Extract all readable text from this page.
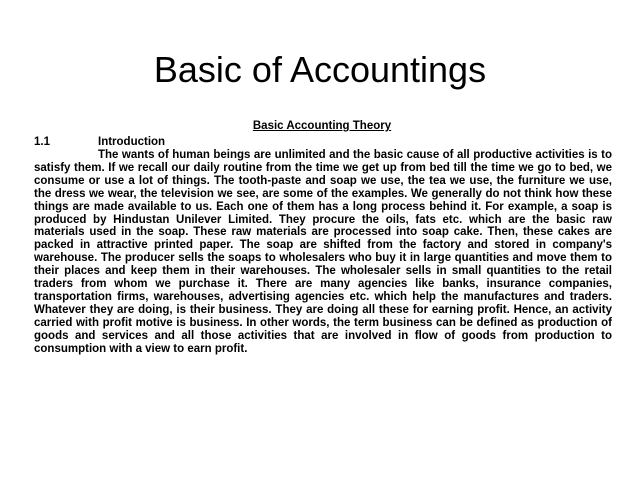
Basic of Accountings
Basic Accounting Theory
1.1	Introduction

The wants of human beings are unlimited and the basic cause of all productive activities is to satisfy them. If we recall our daily routine from the time we get up from bed till the time we go to bed, we consume or use a lot of things. The tooth-paste and soap we use, the tea we use, the furniture we use, the dress we wear, the television we see, are some of the examples. We generally do not think how these things are made available to us. Each one of them has a long process behind it. For example, a soap is produced by Hindustan Unilever Limited. They procure the oils, fats etc. which are the basic raw materials used in the soap. These raw materials are processed into soap cake. Then, these cakes are packed in attractive printed paper. The soap are shifted from the factory and stored in company's warehouse. The producer sells the soaps to wholesalers who buy it in large quantities and move them to their places and keep them in their warehouses. The wholesaler sells in small quantities to the retail traders from whom we purchase it. There are many agencies like banks, insurance companies, transportation firms, warehouses, advertising agencies etc. which help the manufactures and traders. Whatever they are doing, is their business. They are doing all these for earning profit. Hence, an activity carried with profit motive is business. In other words, the term business can be defined as production of goods and services and all those activities that are involved in flow of goods from production to consumption with a view to earn profit.
